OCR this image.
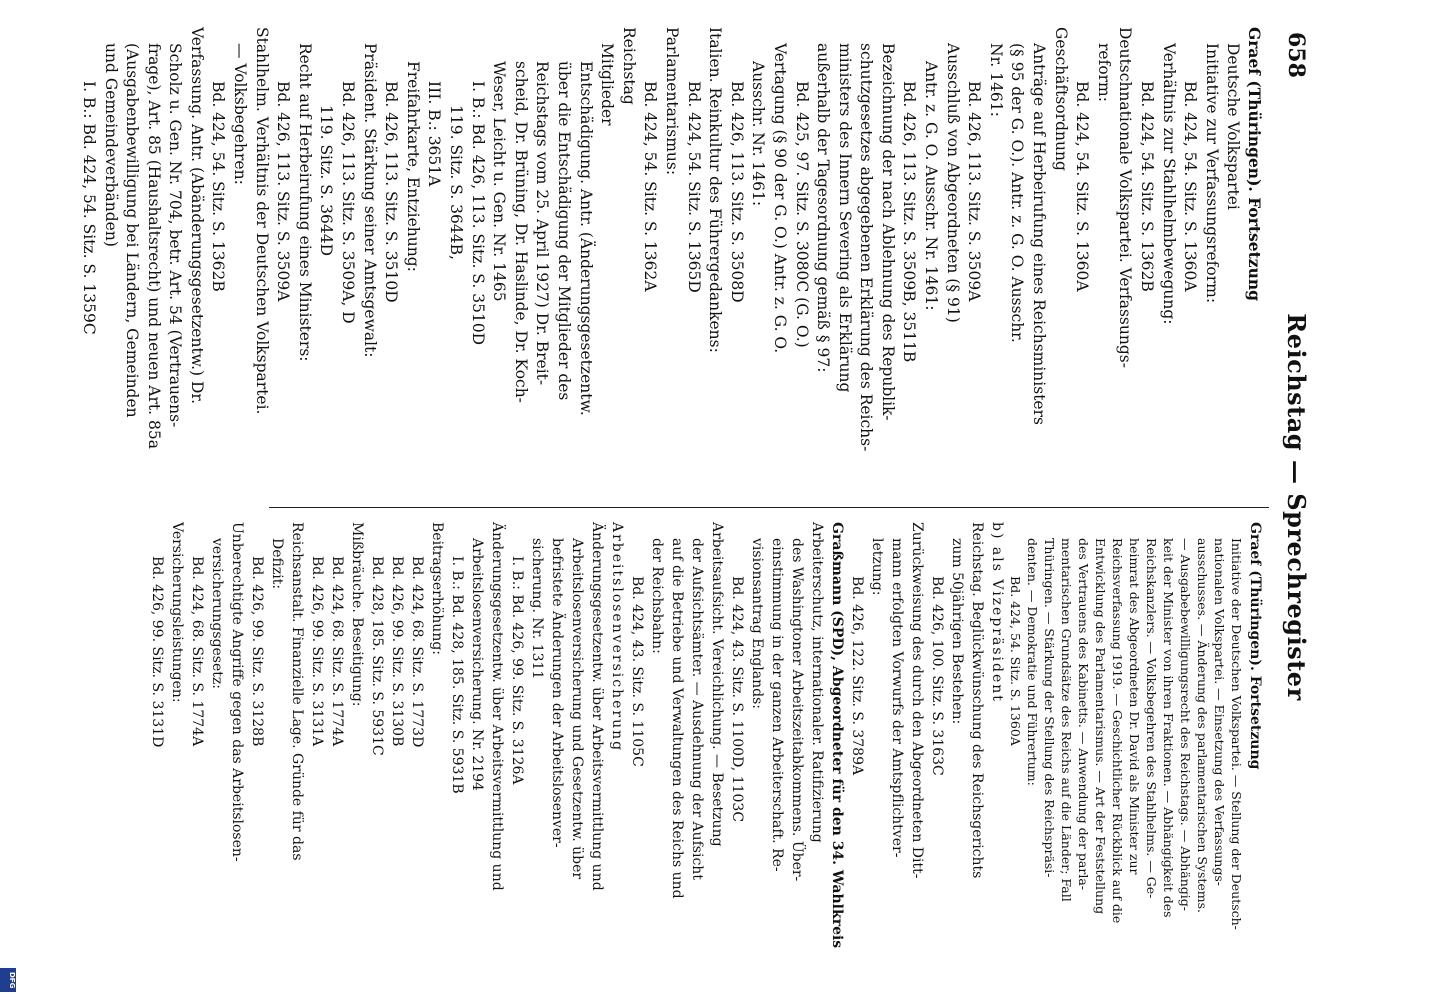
658
Reichstag — Sprechregister

Graef (Thüringen). Fortsetzung

Deutsche Volkspartei

Initiative zur Verfassungsreform:

Bd. 424, 54. Sitz. S. 1360A

Verhältnis zur Stahlhelmbewegung:

Bd. 424, 54. Sitz. S. 1362B

Deutschnationale Volkspartei. Verfassungs-

reform:

Bd. 424, 54. Sitz. S. 1360A

Geschäftsordnung

Anträge auf Herbeirufung eines Reichsministers

(§ 95 der G. O.). Antr. z. G. O. Ausschr.

Nr. 1461:

Bd. 426, 113. Sitz. S. 3509A

Ausschluß von Abgeordneten (§ 91)

Antr. z. G. O. Ausschr. Nr. 1461:

Bd. 426, 113. Sitz. S. 3509B, 3511B

Bezeichnung der nach Ablehnung des Republik-

schutzgesetzes abgegebenen Erklärung des Reichs-

ministers des Innern Severing als Erklärung

außerhalb der Tagesordnung gemäß § 97:

Bd. 425, 97. Sitz. S. 3080C (G. O.)

Vertagung (§ 90 der G. O.) Antr. z. G. O.

Ausschr. Nr. 1461:

Bd. 426, 113. Sitz. S. 3508D

Italien. Reinkultur des Führergedankens:

Bd. 424, 54. Sitz. S. 1365D

Parlamentarismus:

Bd. 424, 54. Sitz. S. 1362A

Reichstag

Mitglieder

Entschädigung. Antr. (Änderungsgesetzentw.

über die Entschädigung der Mitglieder des

Reichstags vom 25. April 1927) Dr. Breit-

scheid, Dr. Brüning, Dr. Haslinde, Dr. Koch-

Weser, Leicht u. Gen. Nr. 1465

I. B.: Bd. 426, 113. Sitz. S. 3510D

119. Sitz. S. 3644B,

III. B.: 3651A

Freifahrkarte, Entziehung:

Bd. 426, 113. Sitz. S. 3510D

Präsident. Stärkung seiner Amtsgewalt:

Bd. 426, 113. Sitz. S. 3509A, D

119. Sitz. S. 3644D

Recht auf Herbeirufung eines Ministers:

Bd. 426, 113. Sitz. S. 3509A

Stahlhelm. Verhältnis der Deutschen Volkspartei.

— Volksbegehren:

Bd. 424, 54. Sitz. S. 1362B

Verfassung. Antr. (Abänderungsgesetzentw.) Dr.

Scholz u. Gen. Nr. 704, betr. Art. 54 (Vertrauens-

frage), Art. 85 (Haushaltsrecht) und neuen Art. 85a

(Ausgabenbewilligung bei Ländern, Gemeinden

und Gemeindeverbänden)

I. B.: Bd. 424, 54. Sitz. S. 1359C

Graef (Thüringen). Fortsetzung

Initiative der Deutschen Volkspartei. — Stellung der Deutsch-

nationalen Volkspartei. — Einsetzung des Verfassungs-

ausschusses. — Änderung des parlamentarischen Systems.

— Ausgabebewilligungsrecht des Reichstags. — Abhängig-

keit der Minister von ihren Fraktionen. — Abhängigkeit des

Reichskanzlers. — Volksbegehren des Stahlhelms. — Ge-

heimrat des Abgeordneten Dr. David als Minister zur

Reichsverfassung 1919. — Geschichtlicher Rückblick auf die

Entwicklung des Parlamentarismus. — Art der Feststellung

des Vertrauens des Kabinetts. — Anwendung der parla-

mentarischen Grundsätze des Reichs auf die Länder; Fall

Thüringen. — Stärkung der Stellung des Reichspräsi-

denten. — Demokratie und Führertum:

Bd. 424, 54. Sitz. S. 1360A

b) als Vizepräsident

Reichstag. Beglückwünschung des Reichsgerichts

zum 50jährigen Bestehen:

Bd. 426, 100. Sitz. S. 3163C

Zurückweisung des durch den Abgeordneten Ditt-

mann erfolgten Vorwurfs der Amtspflichtver-

letzung:

Bd. 426, 122. Sitz. S. 3789A

Graßmann (SPD), Abgeordneter für den 34. Wahlkreis

Arbeiterschutz, internationaler. Ratifizierung

des Washingtoner Arbeitszeitabkommens. Über-

einstimmung in der ganzen Arbeiterschaft. Re-

visionsantrag Englands:

Bd. 424, 43. Sitz. S. 1100D, 1103C

Arbeitsaufsicht. Vereichlichung. — Besetzung

der Aufsichtsämter. — Ausdehnung der Aufsicht

auf die Betriebe und Verwaltungen des Reichs und

der Reichsbahn:

Bd. 424, 43. Sitz. S. 1105C

Arbeitslosenversicherung

Änderungsgesetzentw. über Arbeitsvermittlung und

Arbeitslosenversicherung und Gesetzentw. über

befristete Änderungen der Arbeitslosenver-

sicherung. Nr. 1311

I. B.: Bd. 426, 99. Sitz. S. 3126A

Änderungsgesetzentw. über Arbeitsvermittlung und

Arbeitslosenversicherung. Nr. 2194

I. B.: Bd. 428, 185. Sitz. S. 5931B

Beitragserhöhung:

Bd. 424, 68. Sitz. S. 1773D

Bd. 426, 99. Sitz. S. 3130B

Bd. 428, 185. Sitz. S. 5931C

Mißbräuche. Beseitigung:

Bd. 424, 68. Sitz. S. 1774A

Bd. 426, 99. Sitz. S. 3131A

Reichsanstalt. Finanzielle Lage. Gründe für das

Defizit:

Bd. 426, 99. Sitz. S. 3128B

Unberechtigte Angriffe gegen das Arbeitslosen-

versicherungsgesetz:

Bd. 424, 68. Sitz. S. 1774A

Versicherungsleistungen:

Bd. 426, 99. Sitz. S. 3131D

DFG
